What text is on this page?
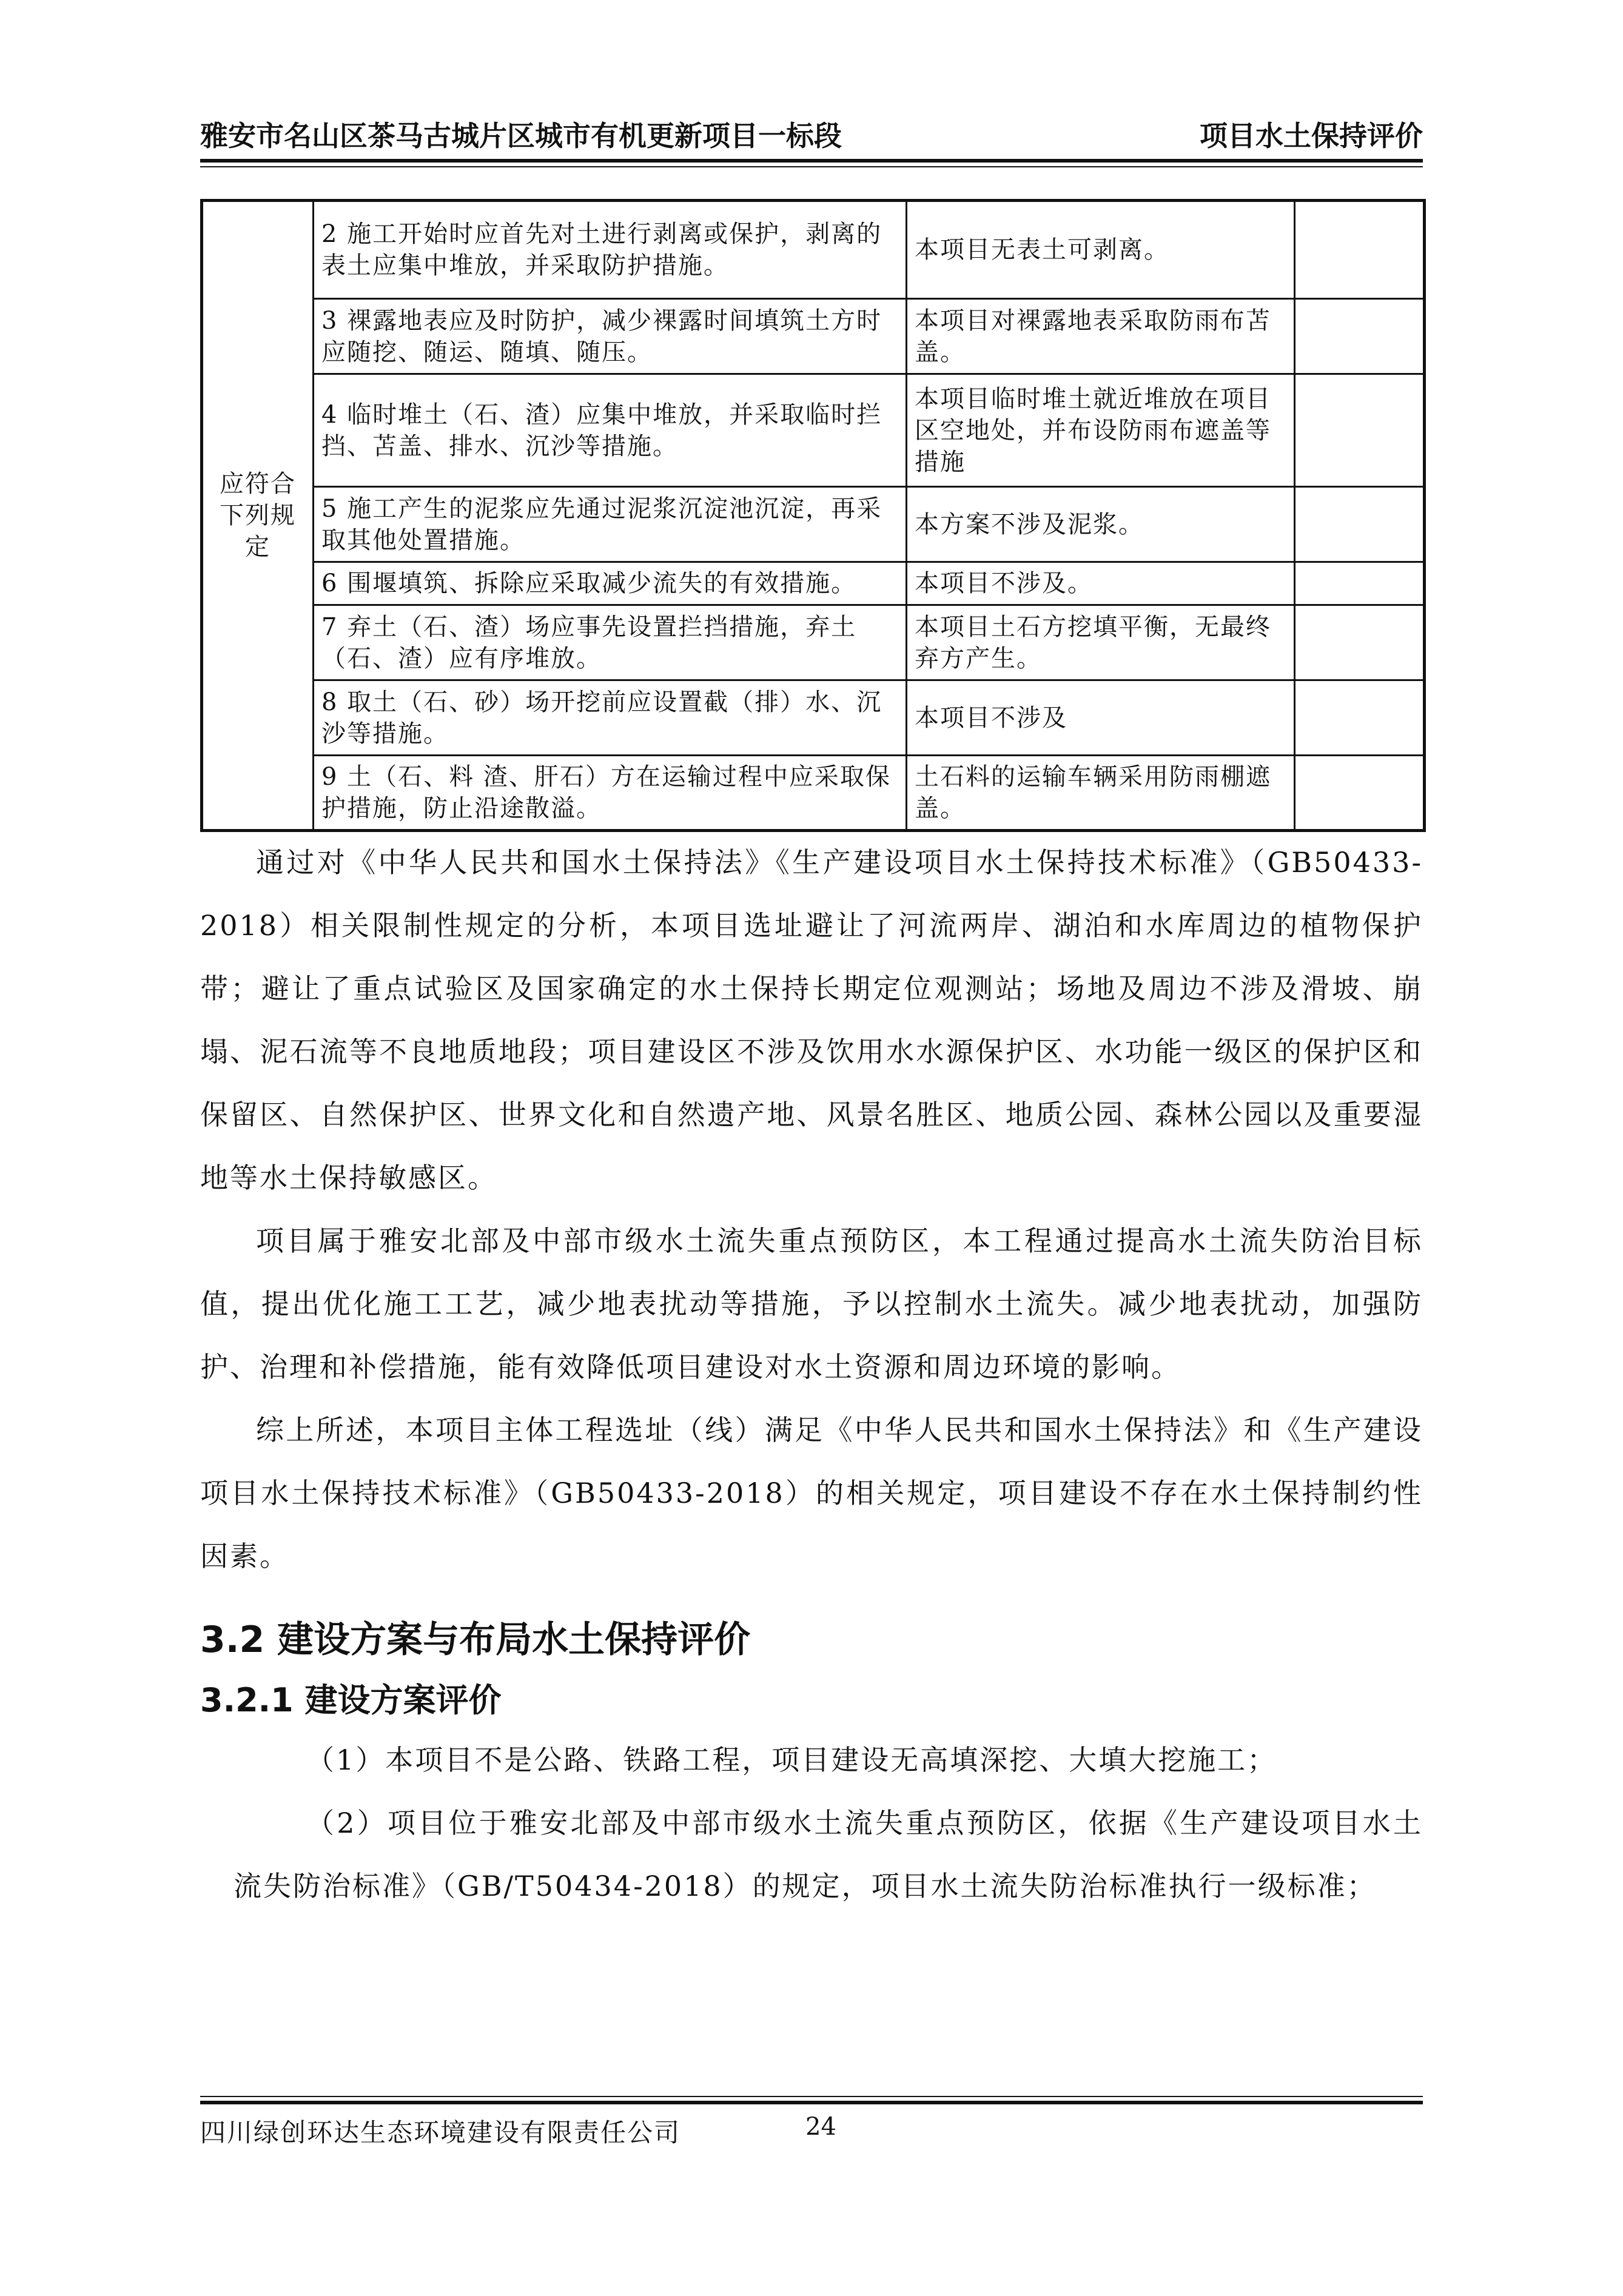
雅安市名山区茶马古城片区城市有机更新项目一标段	项目水土保持评价
应符合下列规定	2 施工开始时应首先对土进行剥离或保护，剥离的表土应集中堆放，并采取防护措施。	本项目无表土可剥离。	
	3 裸露地表应及时防护，减少裸露时间填筑土方时应随挖、随运、随填、随压。	本项目对裸露地表采取防雨布苫盖。	
	4 临时堆土（石、渣）应集中堆放，并采取临时拦挡、苫盖、排水、沉沙等措施。	本项目临时堆土就近堆放在项目区空地处，并布设防雨布遮盖等措施	
	5 施工产生的泥浆应先通过泥浆沉淀池沉淀，再采取其他处置措施。	本方案不涉及泥浆。	
	6 围堰填筑、拆除应采取减少流失的有效措施。	本项目不涉及。	
	7 弃土（石、渣）场应事先设置拦挡措施，弃土（石、渣）应有序堆放。	本项目土石方挖填平衡，无最终弃方产生。	
	8 取土（石、砂）场开挖前应设置截（排）水、沉沙等措施。	本项目不涉及	
	9 土（石、料 渣、肝石）方在运输过程中应采取保护措施，防止沿途散溢。	土石料的运输车辆采用防雨棚遮盖。	

通过对《中华人民共和国水土保持法》《生产建设项目水土保持技术标准》（GB50433-2018）相关限制性规定的分析，本项目选址避让了河流两岸、湖泊和水库周边的植物保护带；避让了重点试验区及国家确定的水土保持长期定位观测站；场地及周边不涉及滑坡、崩塌、泥石流等不良地质地段；项目建设区不涉及饮用水水源保护区、水功能一级区的保护区和保留区、自然保护区、世界文化和自然遗产地、风景名胜区、地质公园、森林公园以及重要湿地等水土保持敏感区。

项目属于雅安北部及中部市级水土流失重点预防区，本工程通过提高水土流失防治目标值，提出优化施工工艺，减少地表扰动等措施，予以控制水土流失。减少地表扰动，加强防护、治理和补偿措施，能有效降低项目建设对水土资源和周边环境的影响。

综上所述，本项目主体工程选址（线）满足《中华人民共和国水土保持法》和《生产建设项目水土保持技术标准》（GB50433-2018）的相关规定，项目建设不存在水土保持制约性因素。

3.2 建设方案与布局水土保持评价
3.2.1 建设方案评价

（1）本项目不是公路、铁路工程，项目建设无高填深挖、大填大挖施工；

（2）项目位于雅安北部及中部市级水土流失重点预防区，依据《生产建设项目水土流失防治标准》（GB/T50434-2018）的规定，项目水土流失防治标准执行一级标准；

四川绿创环达生态环境建设有限责任公司	24
